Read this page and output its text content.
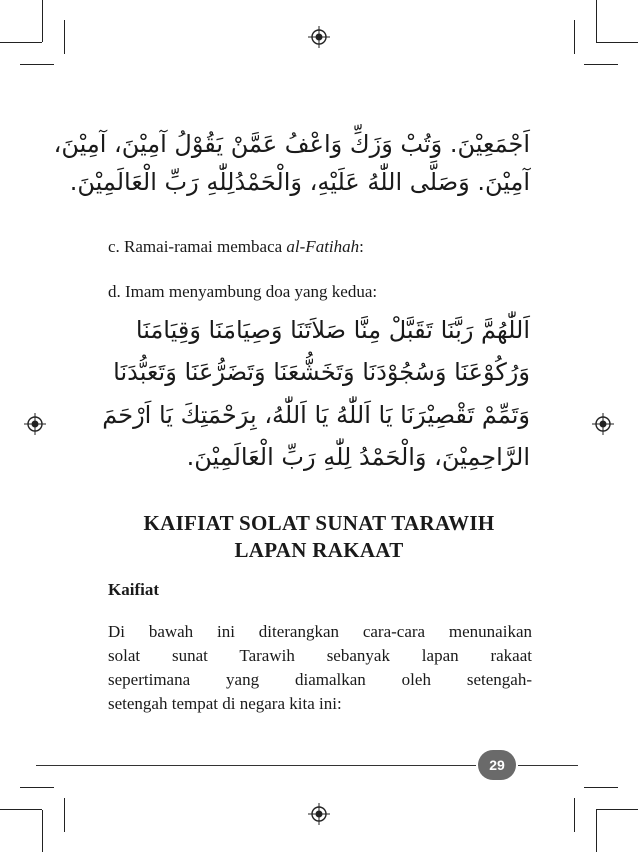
اَجْمَعِيْنَ. وَتُبْ وَزَكِّ وَاعْفُ عَمَّنْ يَقُوْلُ آمِيْنَ، آمِيْنَ،
آمِيْنَ. وَصَلَّى اللّٰهُ عَلَيْهِ، وَالْحَمْدُلِلّٰهِ رَبِّ الْعَالَمِيْنَ.
c. Ramai-ramai membaca al-Fatihah:
d. Imam menyambung doa yang kedua:
اَللّٰهُمَّ رَبَّنَا تَقَبَّلْ مِنَّا صَلاَتَنَا وَصِيَامَنَا وَقِيَامَنَا
وَرُكُوْعَنَا وَسُجُوْدَنَا وَتَخَشُّعَنَا وَتَضَرُّعَنَا وَتَعَبُّدَنَا
وَتَمِّمْ تَقْصِيْرَنَا يَا اَللّٰهُ يَا اَللّٰهُ، بِرَحْمَتِكَ يَا اَرْحَمَ
الرَّاحِمِيْنَ، وَالْحَمْدُ لِلّٰهِ رَبِّ الْعَالَمِيْنَ.
KAIFIAT SOLAT SUNAT TARAWIH
LAPAN RAKAAT
Kaifiat
Di bawah ini diterangkan cara-cara menunaikan
solat sunat Tarawih sebanyak lapan rakaat
sepertimana yang diamalkan oleh setengah-
setengah tempat di negara kita ini:
29
